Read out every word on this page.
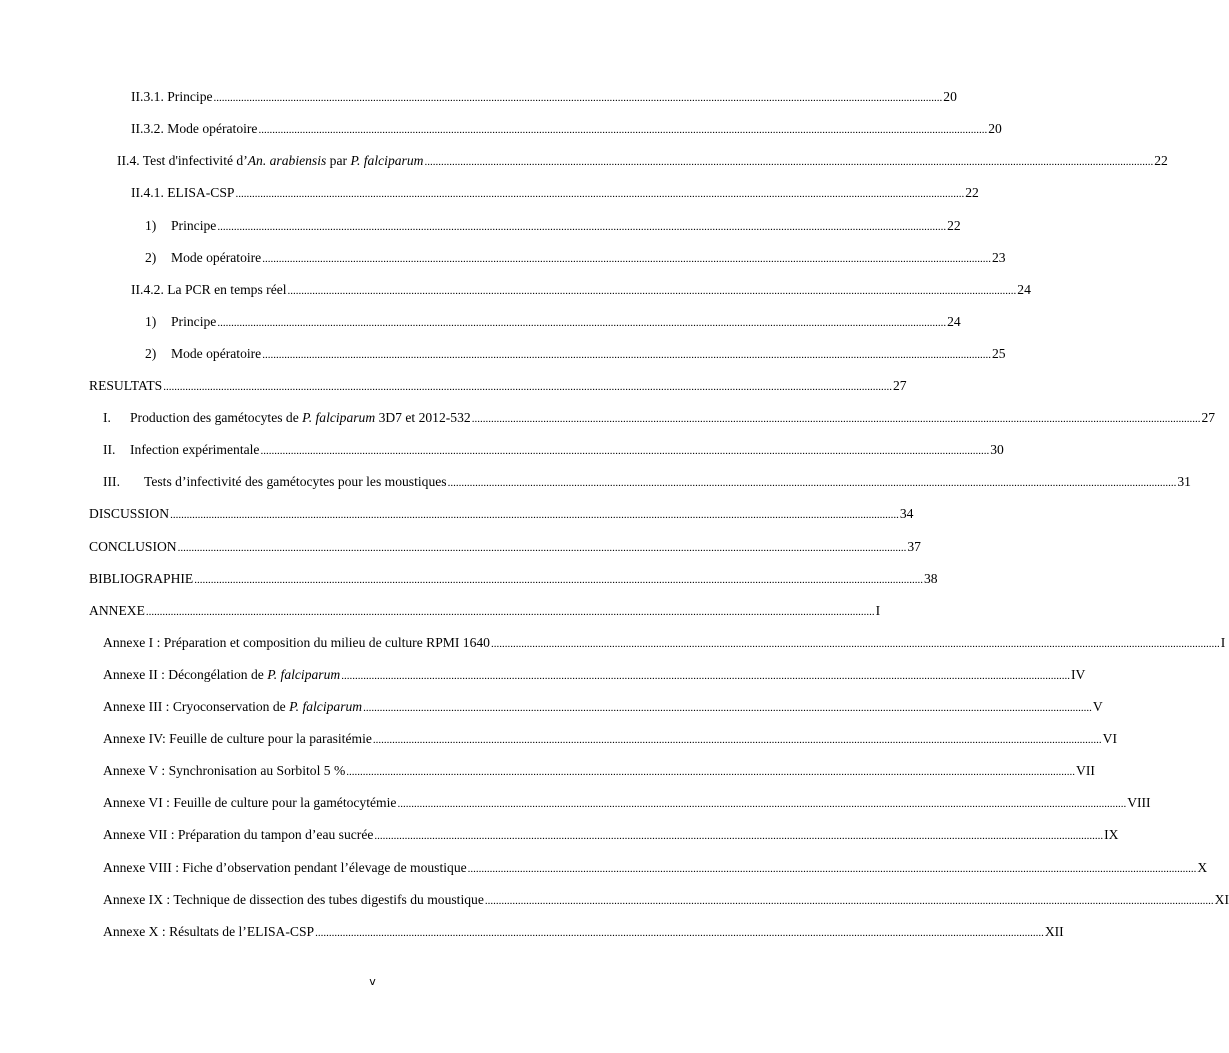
II.3.1. Principe .....	20
II.3.2. Mode opératoire .....	20
II.4. Test d'infectivité d’An. arabiensis par P. falciparum .....	22
II.4.1. ELISA-CSP .....	22
1)	Principe .....	22
2)	Mode opératoire .....	23
II.4.2. La PCR en temps réel .....	24
1)	Principe .....	24
2)	Mode opératoire .....	25
RESULTATS .....	27
I.	Production des gamétocytes de P. falciparum 3D7 et 2012-532 .....	27
II.	Infection expérimentale .....	30
III.	Tests d’infectivité des gamétocytes pour les moustiques .....	31
DISCUSSION .....	34
CONCLUSION .....	37
BIBLIOGRAPHIE .....	38
ANNEXE .....	I
Annexe I : Préparation et composition du milieu de culture RPMI 1640 .....	I
Annexe II : Décongélation de P. falciparum .....	IV
Annexe III : Cryoconservation de P. falciparum .....	V
Annexe IV: Feuille de culture pour la parasitémie .....	VI
Annexe V : Synchronisation au Sorbitol 5 % .....	VII
Annexe VI : Feuille de culture pour la gamétocytémie .....	VIII
Annexe VII : Préparation du tampon d’eau sucrée .....	IX
Annexe VIII : Fiche d’observation pendant l’élevage de moustique .....	X
Annexe IX : Technique de dissection des tubes digestifs du moustique .....	XI
Annexe X : Résultats de l’ELISA-CSP .....	XII
v
